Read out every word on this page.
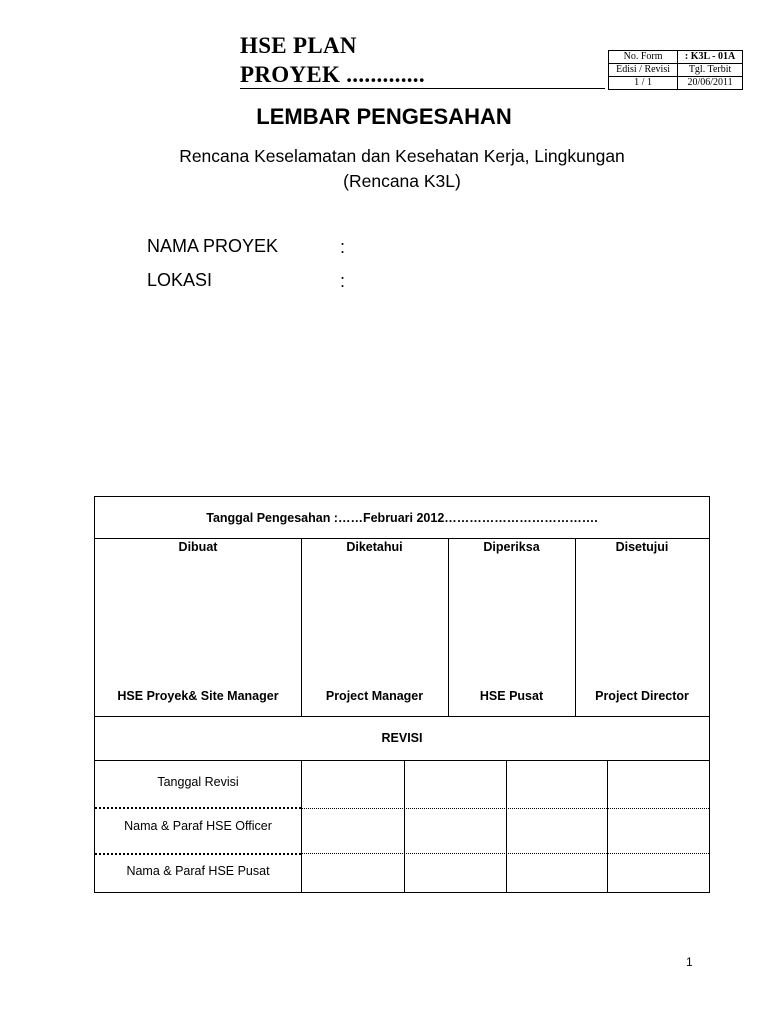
HSE PLAN
PROYEK .............
No. Form	: K3L - 01A
Edisi / Revisi	Tgl. Terbit
1 / 1	20/06/2011
LEMBAR PENGESAHAN
Rencana Keselamatan dan Kesehatan Kerja, Lingkungan
(Rencana K3L)
NAMA PROYEK	:
LOKASI	:
Tanggal Pengesahan :……Februari 2012……………………………….
Dibuat	Diketahui	Diperiksa	Disetujui
HSE Proyek& Site Manager	Project Manager	HSE Pusat	Project Director
REVISI
Tanggal Revisi
Nama & Paraf HSE Officer
Nama & Paraf HSE Pusat
1
